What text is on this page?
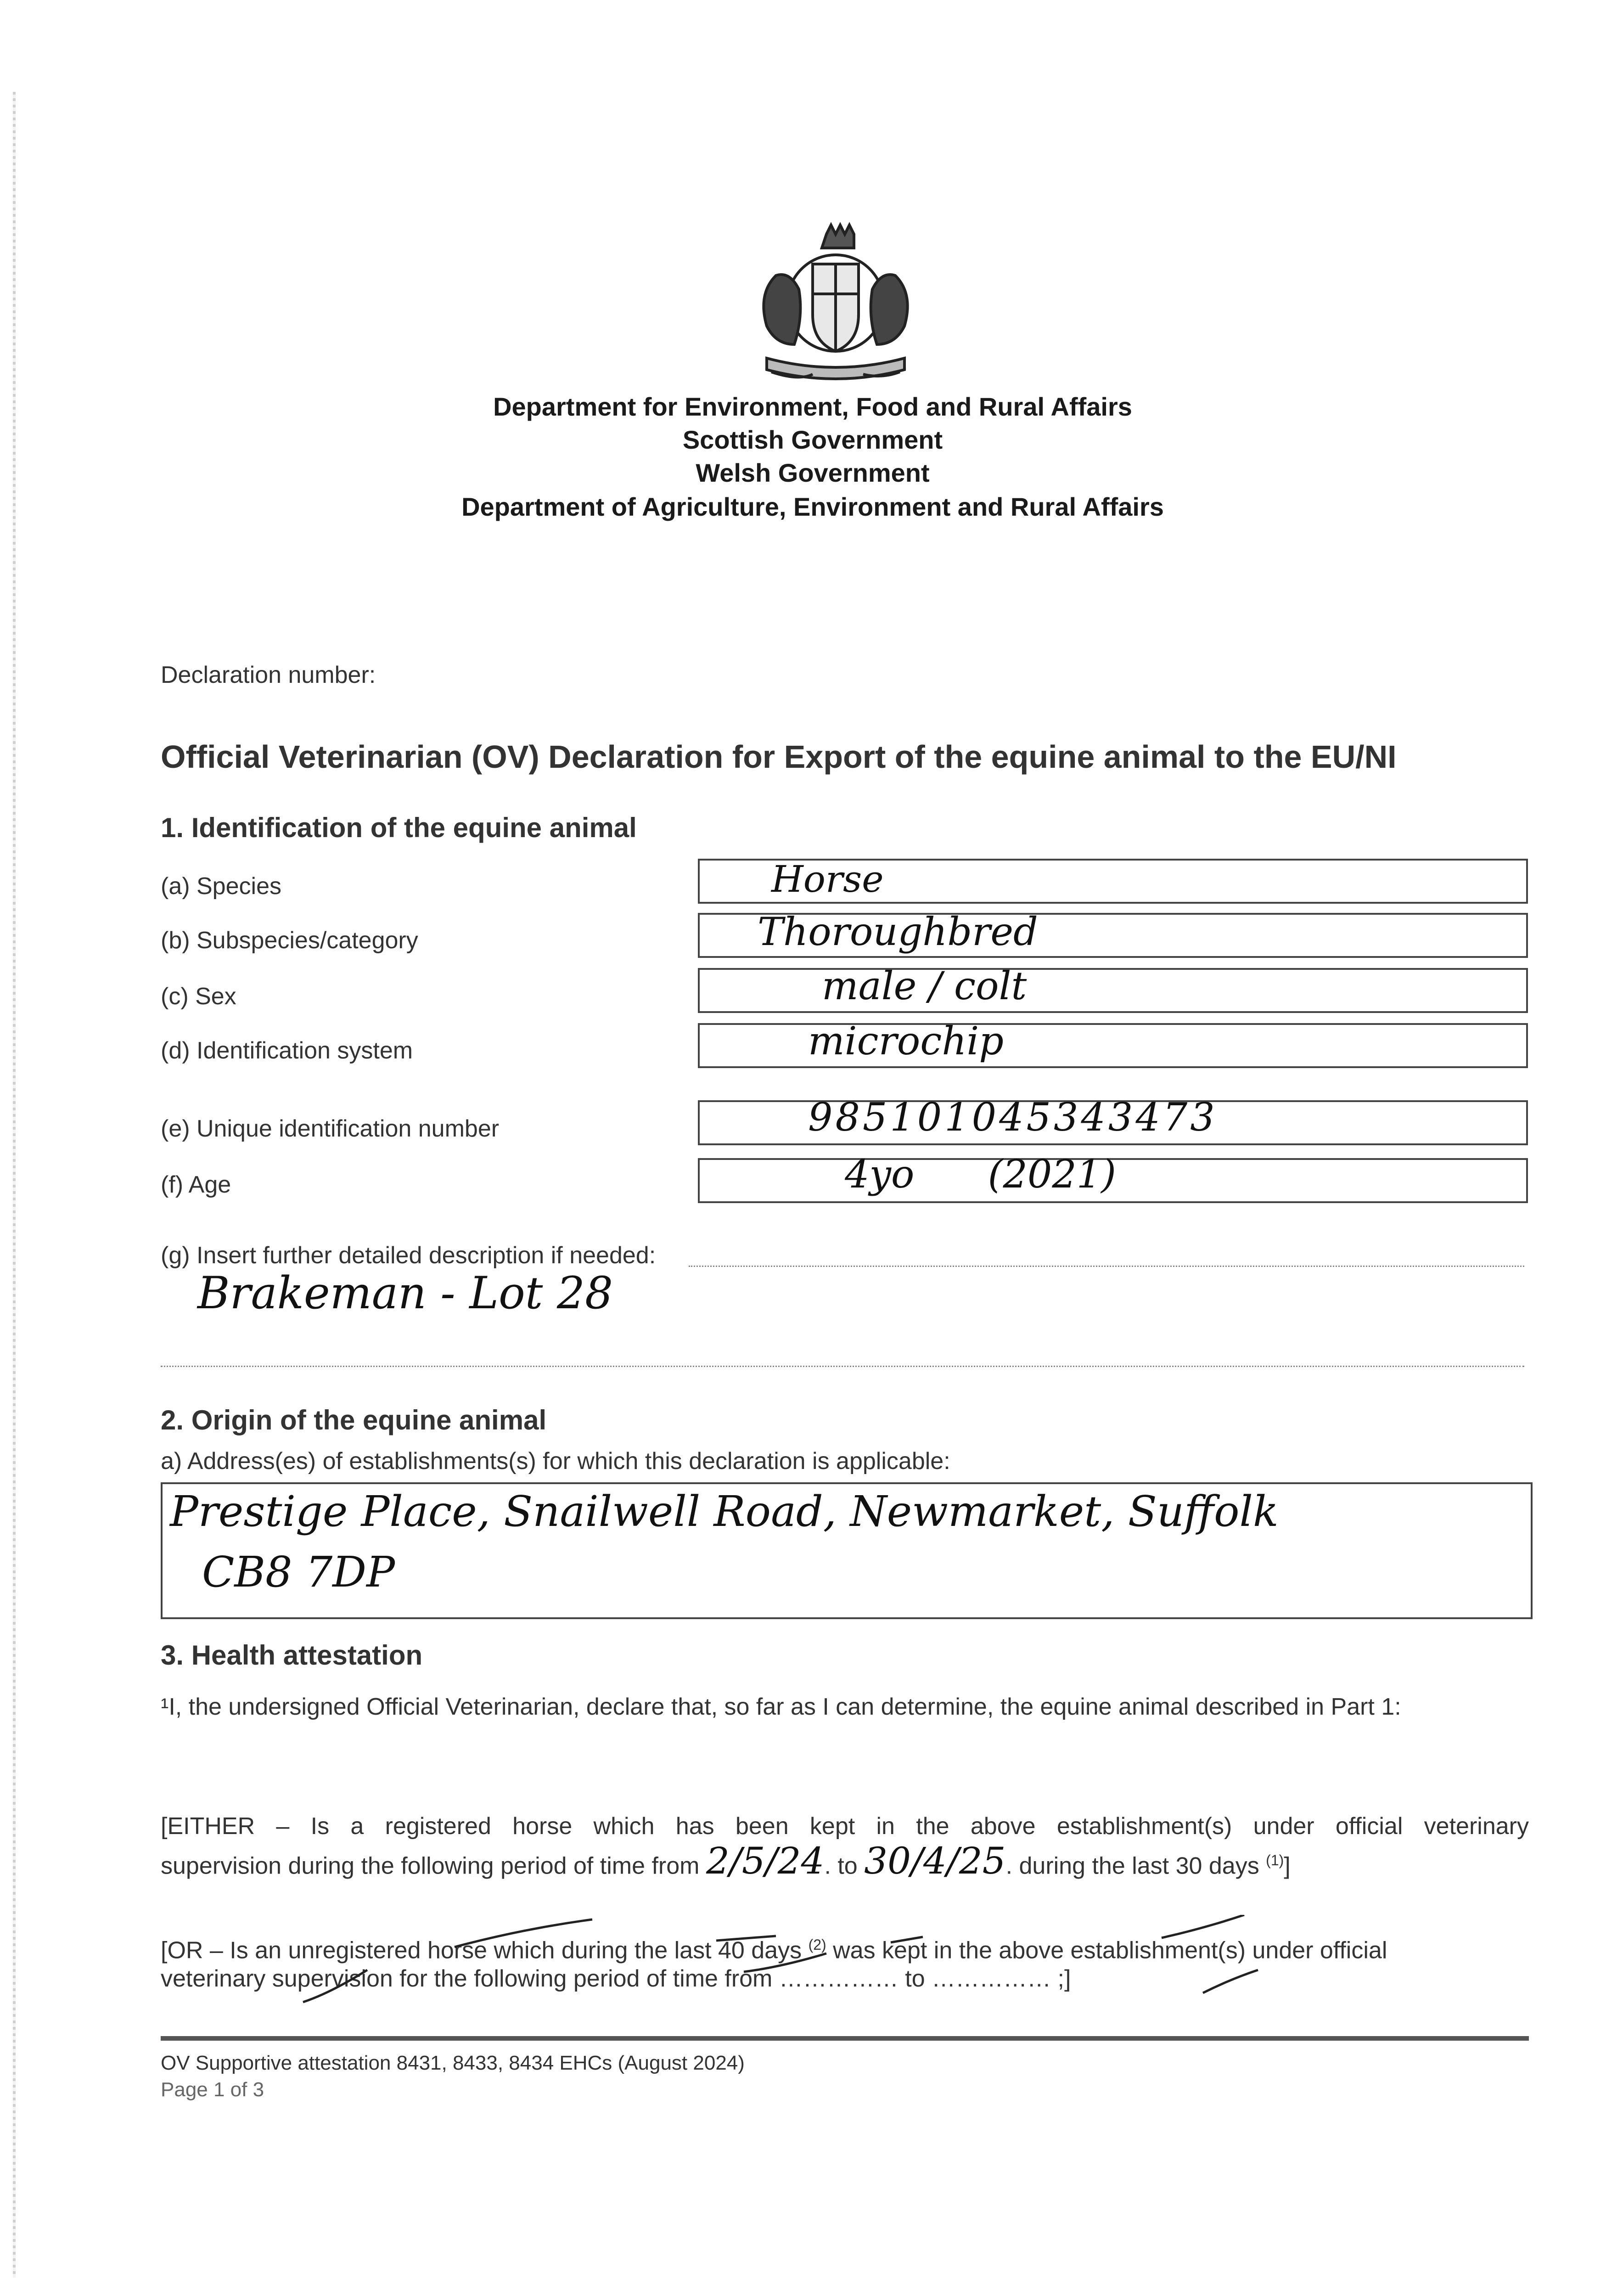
Department for Environment, Food and Rural Affairs
Scottish Government
Welsh Government
Department of Agriculture, Environment and Rural Affairs
Declaration number:
Official Veterinarian (OV) Declaration for Export of the equine animal to the EU/NI
1. Identification of the equine animal
(a) Species	Horse
(b) Subspecies/category	Thoroughbred
(c) Sex	male / colt
(d) Identification system	microchip
(e) Unique identification number	985101045343473
(f) Age	4yo      (2021)
(g) Insert further detailed description if needed:
Brakeman - Lot 28
2. Origin of the equine animal
a) Address(es) of establishments(s) for which this declaration is applicable:
Prestige Place, Snailwell Road, Newmarket, Suffolk
CB8 7DP
3. Health attestation
¹I, the undersigned Official Veterinarian, declare that, so far as I can determine, the equine animal described in Part 1:
[EITHER – Is a registered horse which has been kept in the above establishment(s) under official veterinary
supervision during the following period of time from 2/5/24. to 30/4/25. during the last 30 days $^{(1)}$]
[OR – Is an unregistered horse which during the last 40 days $^{(2)}$ was kept in the above establishment(s) under official
veterinary supervision for the following period of time from …………… to …………… ;]
OV Supportive attestation 8431, 8433, 8434 EHCs (August 2024)
Page 1 of 3
